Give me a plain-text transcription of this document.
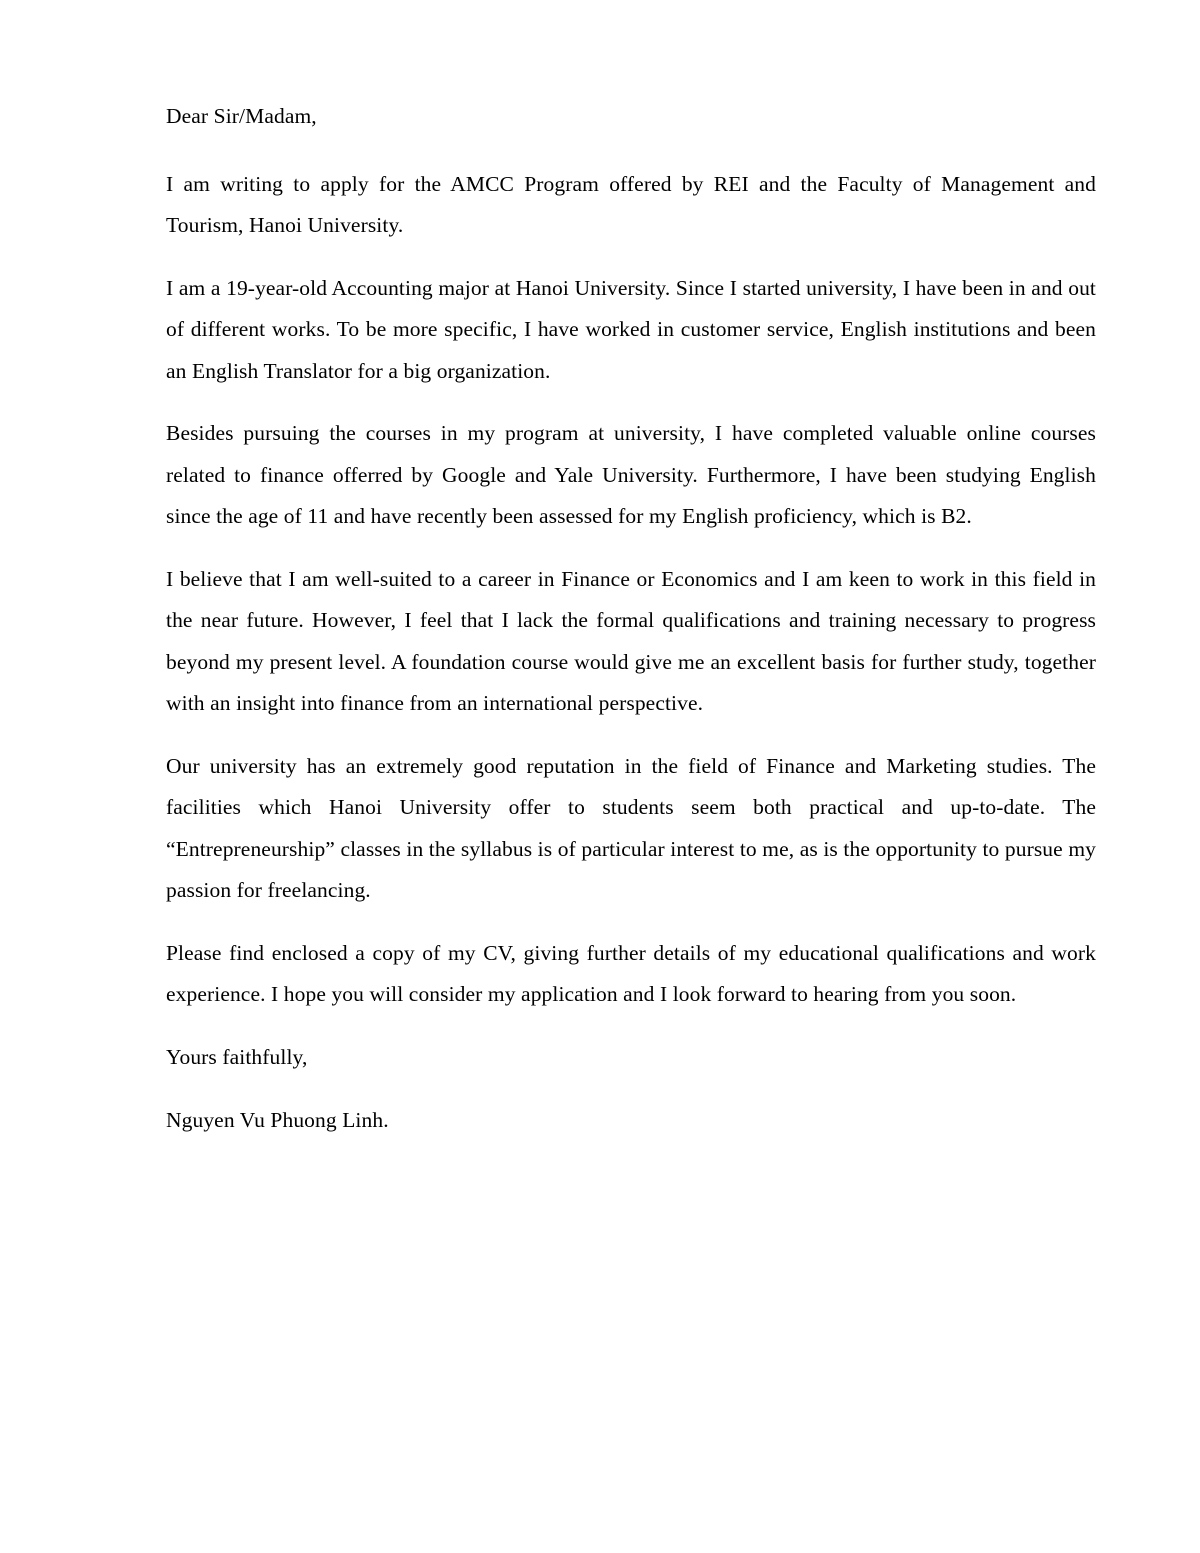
Dear Sir/Madam,

I am writing to apply for the AMCC Program offered by REI and the Faculty of Management and Tourism, Hanoi University.

I am a 19-year-old Accounting major at Hanoi University. Since I started university, I have been in and out of different works. To be more specific, I have worked in customer service, English institutions and been an English Translator for a big organization.

Besides pursuing the courses in my program at university, I have completed valuable online courses related to finance offerred by Google and Yale University. Furthermore, I have been studying English since the age of 11 and have recently been assessed for my English proficiency, which is B2.

I believe that I am well-suited to a career in Finance or Economics and I am keen to work in this field in the near future. However, I feel that I lack the formal qualifications and training necessary to progress beyond my present level. A foundation course would give me an excellent basis for further study, together with an insight into finance from an international perspective.

Our university has an extremely good reputation in the field of Finance and Marketing studies. The facilities which Hanoi University offer to students seem both practical and up-to-date. The “Entrepreneurship” classes in the syllabus is of particular interest to me, as is the opportunity to pursue my passion for freelancing.

Please find enclosed a copy of my CV, giving further details of my educational qualifications and work experience. I hope you will consider my application and I look forward to hearing from you soon.

Yours faithfully,

Nguyen Vu Phuong Linh.
